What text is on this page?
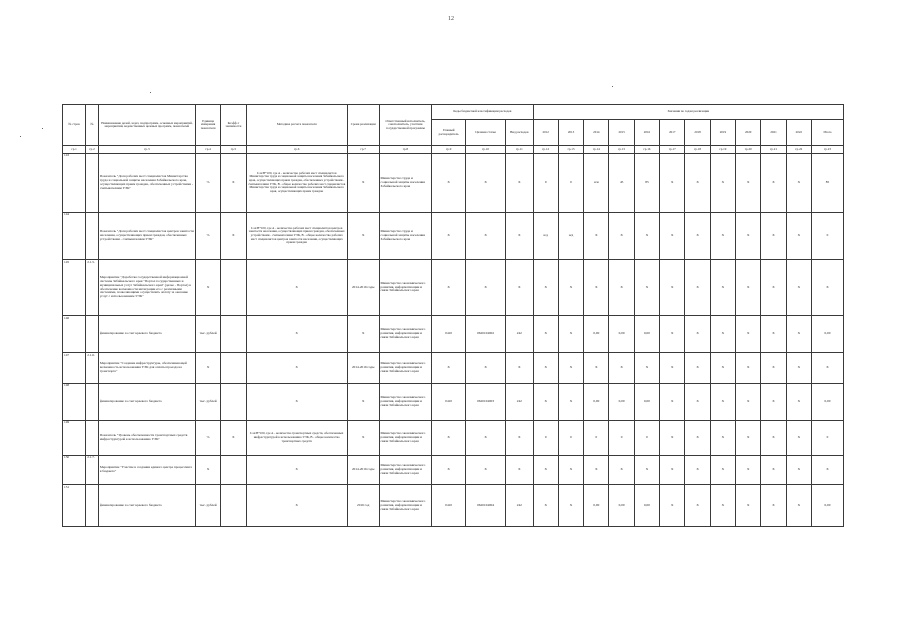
12
№ строк	№	Наименование целей, задач, подпрограмм, основных мероприятий, мероприятий, ведомственных целевых программ, показателей	Единица измерения показателя	Коэфф-т значимости	Методика расчета показателя	Сроки реализации	Ответственный исполнитель, соисполнитель, участник государственной программы	Коды бюджетной классификации расходов			Значения по годам реализации											
								Главный распорядитель	Целевая статья	Вид расходов	2012	2013	2014	2015	2016	2017	2018	2019	2020	2021	2022	Итого
гр.1	гр.2	гр.3	гр.4	гр.5	гр.6	гр.7	гр.8	гр.9	гр.10	гр.11	гр.12	гр.13	гр.14	гр.15	гр.16	гр.17	гр.18	гр.19	гр.20	гр.21	гр.22	гр.23
143		Показатель "Доля рабочих мест специалистов Министерства труда и социальной защиты населения Забайкальского края, осуществляющих прием граждан, обеспеченных устройствами - считывателями УЭК"	%	X	I=А/В*100, где А - количество рабочих мест специалистов Министерства труда и социальной защиты населения Забайкальского края, осуществляющих прием граждан, обеспеченных устройствами - считывателями УЭК, В - общее количество рабочих мест специалистов Министерства труда и социальной защиты населения Забайкальского края, осуществляющих прием граждан	X	Министерство труда и социальной защиты населения Забайкальского края	X	X	X	0	0	н/и	45	85	X	X	X	X	X	X	85
144		Показатель "Доля рабочих мест специалистов центров занятости населения, осуществляющих прием граждан, обеспеченных устройствами - считывателями УЭК"	%	X	I=А/В*100, где А - количество рабочих мест специалистов центров занятости населения, осуществляющих прием граждан, обеспеченных устройствами - считывателями УЭК, В - общее количество рабочих мест специалистов центров занятости населения, осуществляющих прием граждан	X	Министерство труда и социальной защиты населения Забайкальского края	X	X	X	н/д	н/д	X	X	X	X	X	X	X	X	X	0
145	2.1.5.	Мероприятие "Доработка государственной информационной системы Забайкальского края "Портал государственных и муниципальных услуг Забайкальского края" (далее - Портал) в обеспечение возможности интеграции его с различными системами, позволяющими осуществлять оплату за оказание услуг с использованием УЭК"	X		X	2014-2016 годы	Министерство экономического развития, информатизации и связи Забайкальского края	X	X	X	X	X	X	X	X	X	X	X	X	X	X	X
146		финансирование за счет краевого бюджета	тыс. рублей		X	X	Министерство экономического развития, информатизации и связи Забайкальского края	0410	0620104002	242	X	X	0,00	0,00	0,00	X	X	X	X	X	X	0,00
147	2.1.6.	Мероприятие "Создание инфраструктуры, обеспечивающей возможность использования УЭК для оплаты проезда на транспорте"	X		X	2014-2016 годы	Министерство экономического развития, информатизации и связи Забайкальского края	X	X	X	X	X	X	X	X	X	X	X	X	X	X	X
148		финансирование за счет краевого бюджета	тыс. рублей		X	X	Министерство экономического развития, информатизации и связи Забайкальского края	0410	0620104003	242	X	X	0,00	0,00	0,00	X	X	X	X	X	X	0,00
149		Показатель "Уровень обеспеченности транспортных средств инфраструктурой к использованию УЭК"	%	X	I=А/В*100, где А - количество транспортных средств, обеспеченных инфраструктурой к использованию УЭК, В - общее количество транспортных средств	X	Министерство экономического развития, информатизации и связи Забайкальского края	X	X	X	0	0	0	0	0	X	X	X	X	X	X	0
150	2.1.7.	Мероприятие "Участие в создании единого центра процессинга в бюджете"	X		X	2014-2016 годы	Министерство экономического развития, информатизации и связи Забайкальского края	X	X	X	X	X	X	X	X	X	X	X	X	X	X	X
151		финансирование за счет краевого бюджета	тыс. рублей		X	2016 год	Министерство экономического развития, информатизации и связи Забайкальского края	0410	0620104004	242	X	X	0,00	0,00	0,00	X	X	X	X	X	X	0,00
